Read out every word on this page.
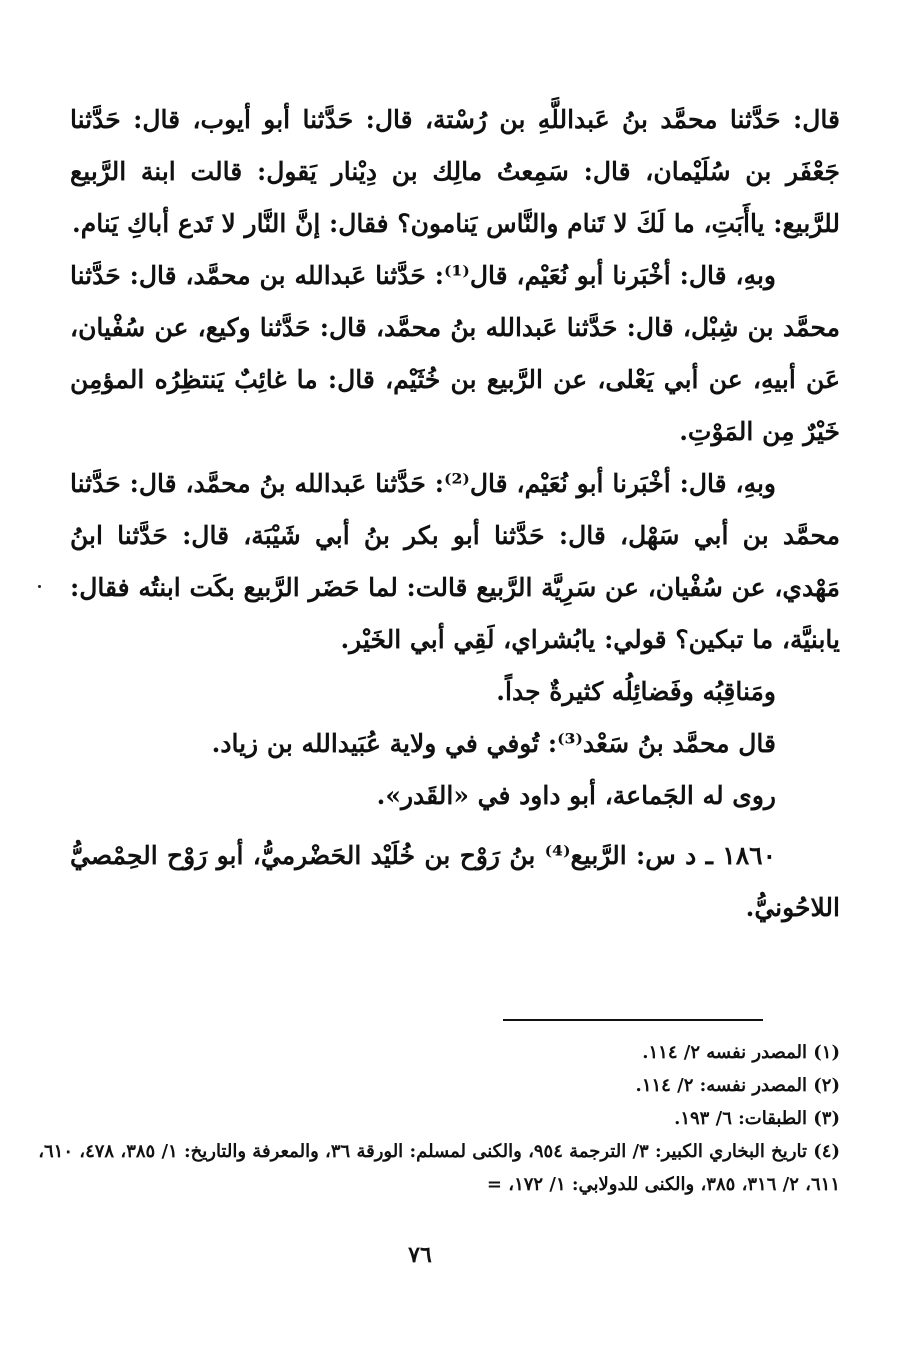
قال: حَدَّثنا محمَّد بنُ عَبداللَّهِ بن رُسْتة، قال: حَدَّثنا أبو أيوب، قال: حَدَّثنا جَعْفَر بن سُلَيْمان، قال: سَمِعتُ مالِك بن دِيْنار يَقول: قالت ابنة الرَّبيع للرَّبيع: ياأَبَتِ، ما لَكَ لا تَنام والنَّاس يَنامون؟ فقال: إنَّ النَّار لا تَدع أباكِ يَنام.

وبهِ، قال: أخْبَرنا أبو نُعَيْم، قال⁽¹⁾: حَدَّثنا عَبدالله بن محمَّد، قال: حَدَّثنا محمَّد بن شِبْل، قال: حَدَّثنا عَبدالله بنُ محمَّد، قال: حَدَّثنا وكيع، عن سُفْيان، عَن أبيهِ، عن أبي يَعْلى، عن الرَّبيع بن خُثَيْم، قال: ما غائِبٌ يَنتظِرُه المؤمِن خَيْرٌ مِن المَوْتِ.

وبهِ، قال: أخْبَرنا أبو نُعَيْم، قال⁽²⁾: حَدَّثنا عَبدالله بنُ محمَّد، قال: حَدَّثنا محمَّد بن أبي سَهْل، قال: حَدَّثنا أبو بكر بنُ أبي شَيْبَة، قال: حَدَّثنا ابنُ مَهْدي، عن سُفْيان، عن سَرِيَّة الرَّبيع قالت: لما حَضَر الرَّبيع بكَت ابنتُه فقال: يابنيَّة، ما تبكين؟ قولي: يابُشراي، لَقِي أبي الخَيْر.

ومَناقِبُه وفَضائِلُه كثيرةٌ جداً.

قال محمَّد بنُ سَعْد⁽³⁾: تُوفي في ولاية عُبَيدالله بن زياد.

روى له الجَماعة، أبو داود في «القَدر».

١٨٦٠ ـ د س: الرَّبيع⁽⁴⁾ بنُ رَوْح بن خُلَيْد الحَضْرميُّ، أبو رَوْح الحِمْصيُّ اللاحُونيُّ.

(١) المصدر نفسه ٢/ ١١٤.

(٢) المصدر نفسه: ٢/ ١١٤.

(٣) الطبقات: ٦/ ١٩٣.

(٤) تاريخ البخاري الكبير: ٣/ الترجمة ٩٥٤، والكنى لمسلم: الورقة ٣٦، والمعرفة والتاريخ: ١/ ٣٨٥، ٤٧٨، ٦١٠، ٦١١، ٢/ ٣١٦، ٣٨٥، والكنى للدولابي: ١/ ١٧٢، =

٧٦
